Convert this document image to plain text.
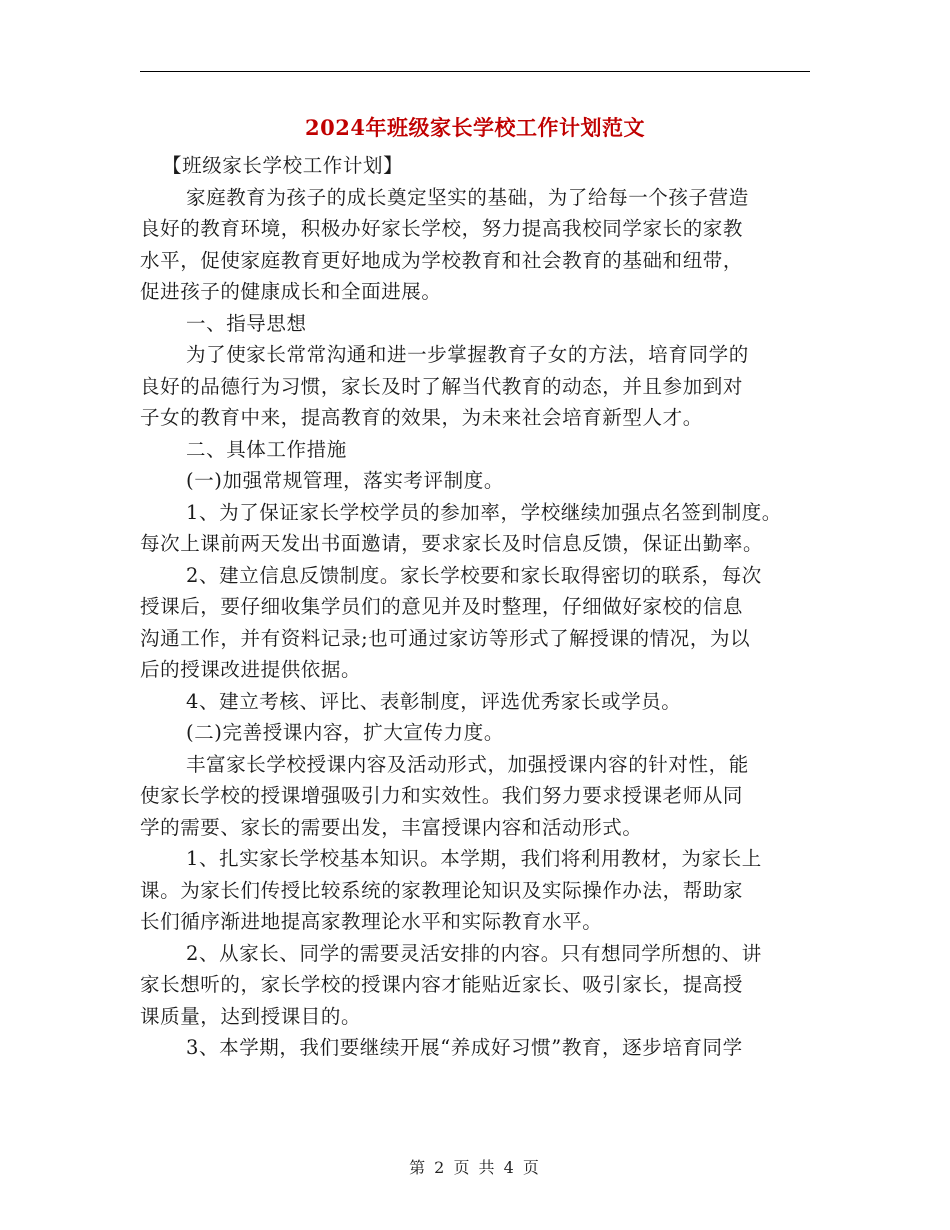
2024年班级家长学校工作计划范文
【班级家长学校工作计划】
家庭教育为孩子的成长奠定坚实的基础，为了给每一个孩子营造
良好的教育环境，积极办好家长学校，努力提高我校同学家长的家教
水平，促使家庭教育更好地成为学校教育和社会教育的基础和纽带，
促进孩子的健康成长和全面进展。
一、指导思想
为了使家长常常沟通和进一步掌握教育子女的方法，培育同学的
良好的品德行为习惯，家长及时了解当代教育的动态，并且参加到对
子女的教育中来，提高教育的效果，为未来社会培育新型人才。
二、具体工作措施
(一)加强常规管理，落实考评制度。
1、为了保证家长学校学员的参加率，学校继续加强点名签到制度。
每次上课前两天发出书面邀请，要求家长及时信息反馈，保证出勤率。
2、建立信息反馈制度。家长学校要和家长取得密切的联系，每次
授课后，要仔细收集学员们的意见并及时整理，仔细做好家校的信息
沟通工作，并有资料记录;也可通过家访等形式了解授课的情况，为以
后的授课改进提供依据。
4、建立考核、评比、表彰制度，评选优秀家长或学员。
(二)完善授课内容，扩大宣传力度。
丰富家长学校授课内容及活动形式，加强授课内容的针对性，能
使家长学校的授课增强吸引力和实效性。我们努力要求授课老师从同
学的需要、家长的需要出发，丰富授课内容和活动形式。
1、扎实家长学校基本知识。本学期，我们将利用教材，为家长上
课。为家长们传授比较系统的家教理论知识及实际操作办法，帮助家
长们循序渐进地提高家教理论水平和实际教育水平。
2、从家长、同学的需要灵活安排的内容。只有想同学所想的、讲
家长想听的，家长学校的授课内容才能贴近家长、吸引家长，提高授
课质量，达到授课目的。
3、本学期，我们要继续开展“养成好习惯”教育，逐步培育同学
第 2 页 共 4 页
